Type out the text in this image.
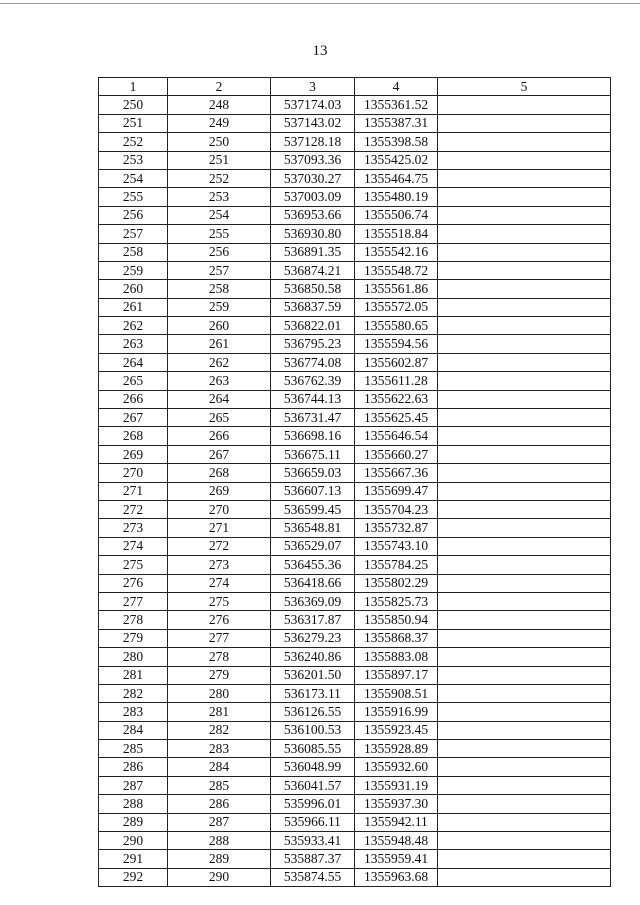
13
1	2	3	4	5
250	248	537174.03	1355361.52	
251	249	537143.02	1355387.31	
252	250	537128.18	1355398.58	
253	251	537093.36	1355425.02	
254	252	537030.27	1355464.75	
255	253	537003.09	1355480.19	
256	254	536953.66	1355506.74	
257	255	536930.80	1355518.84	
258	256	536891.35	1355542.16	
259	257	536874.21	1355548.72	
260	258	536850.58	1355561.86	
261	259	536837.59	1355572.05	
262	260	536822.01	1355580.65	
263	261	536795.23	1355594.56	
264	262	536774.08	1355602.87	
265	263	536762.39	1355611.28	
266	264	536744.13	1355622.63	
267	265	536731.47	1355625.45	
268	266	536698.16	1355646.54	
269	267	536675.11	1355660.27	
270	268	536659.03	1355667.36	
271	269	536607.13	1355699.47	
272	270	536599.45	1355704.23	
273	271	536548.81	1355732.87	
274	272	536529.07	1355743.10	
275	273	536455.36	1355784.25	
276	274	536418.66	1355802.29	
277	275	536369.09	1355825.73	
278	276	536317.87	1355850.94	
279	277	536279.23	1355868.37	
280	278	536240.86	1355883.08	
281	279	536201.50	1355897.17	
282	280	536173.11	1355908.51	
283	281	536126.55	1355916.99	
284	282	536100.53	1355923.45	
285	283	536085.55	1355928.89	
286	284	536048.99	1355932.60	
287	285	536041.57	1355931.19	
288	286	535996.01	1355937.30	
289	287	535966.11	1355942.11	
290	288	535933.41	1355948.48	
291	289	535887.37	1355959.41	
292	290	535874.55	1355963.68	
